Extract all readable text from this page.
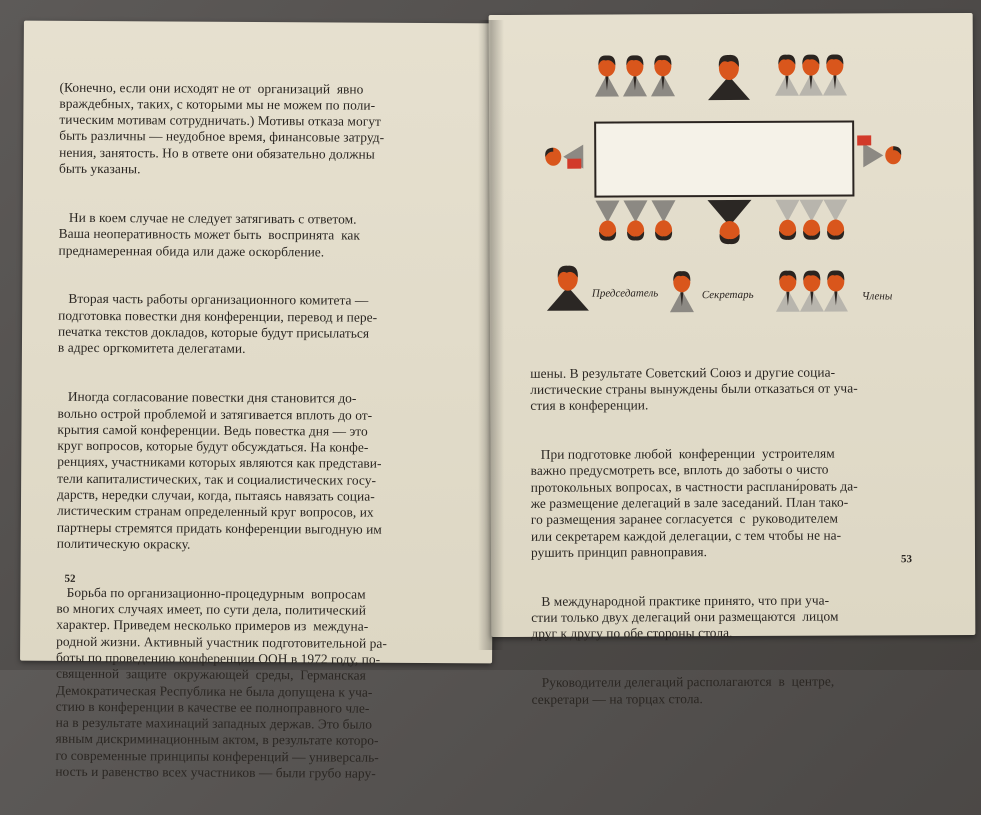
(Конечно, если они исходят не от  организаций  явно
враждебных, таких, с которыми мы не можем по поли-
тическим мотивам сотрудничать.) Мотивы отказа могут
быть различны — неудобное время, финансовые затруд-
нения, занятость. Но в ответе они обязательно должны
быть указаны.

Ни в коем случае не следует затягивать с ответом.
Ваша неоперативность может быть  воспринята  как
преднамеренная обида или даже оскорбление.

Вторая часть работы организационного комитета —
подготовка повестки дня конференции, перевод и пере-
печатка текстов докладов, которые будут присылаться
в адрес оргкомитета делегатами.

Иногда согласование повестки дня становится до-
вольно острой проблемой и затягивается вплоть до от-
крытия самой конференции. Ведь повестка дня — это
круг вопросов, которые будут обсуждаться. На конфе-
ренциях, участниками которых являются как представи-
тели капиталистических, так и социалистических госу-
дарств, нередки случаи, когда, пытаясь навязать социа-
листическим странам определенный круг вопросов, их
партнеры стремятся придать конференции выгодную им
политическую окраску.

Борьба по организационно-процедурным  вопросам
во многих случаях имеет, по сути дела, политический
характер. Приведем несколько примеров из  междуна-
родной жизни. Активный участник подготовительной ра-
боты по проведению конференции ООН в 1972 году, по-
священной  защите  окружающей  среды,  Германская
Демократическая Республика не была допущена к уча-
стию в конференции в качестве ее полноправного чле-
на в результате махинаций западных держав. Это было
явным дискриминационным актом, в результате которо-
го современные принципы конференций — универсаль-
ность и равенство всех участников — были грубо нару-

52
Председатель	Секретарь	Члены

шены. В результате Советский Союз и другие социа-
листические страны вынуждены были отказаться от уча-
стия в конференции.

При подготовке любой  конференции  устроителям
важно предусмотреть все, вплоть до заботы о чисто
протокольных вопросах, в частности расплани́ровать да-
же размещение делегаций в зале заседаний. План тако-
го размещения заранее согласуется  с  руководителем
или секретарем каждой делегации, с тем чтобы не на-
рушить принцип равноправия.

В международной практике принято, что при уча-
стии только двух делегаций они размещаются  лицом
друг к другу по обе стороны стола.

Руководители делегаций располагаются  в  центре,
секретари — на торцах стола.

53
